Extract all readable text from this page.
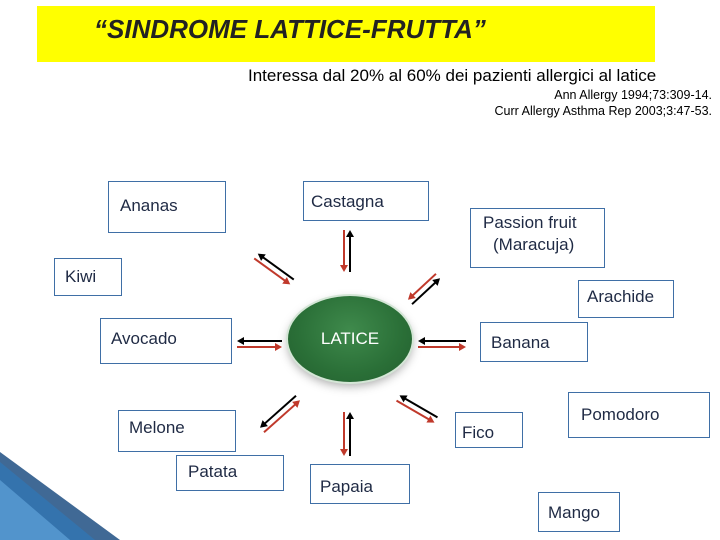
“SINDROME LATTICE-FRUTTA”
Interessa dal 20% al 60% dei pazienti allergici al latice
Ann Allergy 1994;73:309-14.
Curr Allergy Asthma Rep 2003;3:47-53.
Ananas	Castagna
Passion fruit
(Maracuja)
Kiwi
Arachide
Avocado	Banana
Melone	Fico
Pomodoro
Patata
Papaia
Mango
LATICE
